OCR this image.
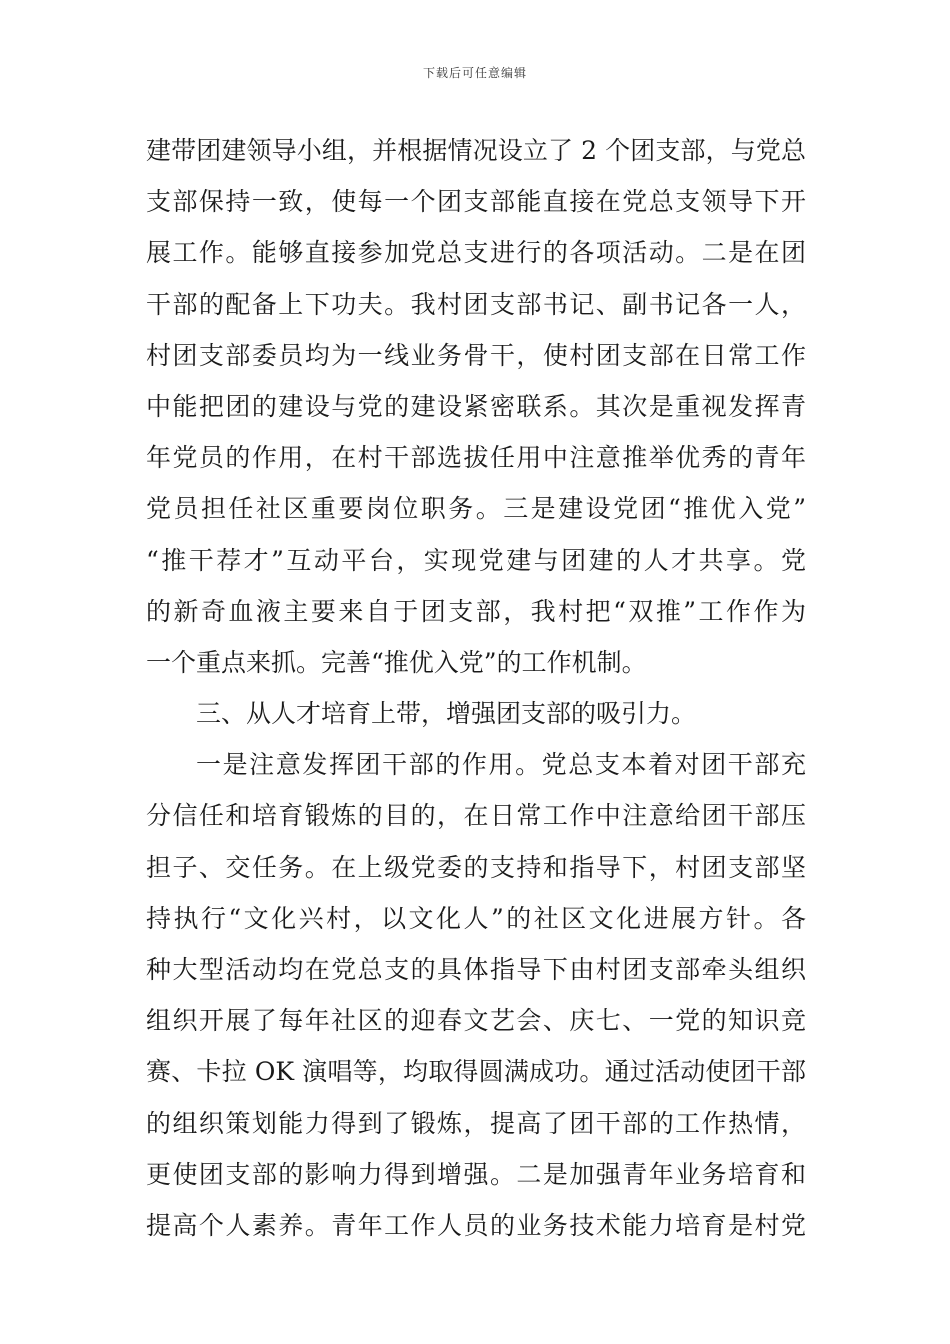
下载后可任意编辑
建带团建领导小组，并根据情况设立了 2 个团支部，与党总
支部保持一致，使每一个团支部能直接在党总支领导下开
展工作。能够直接参加党总支进行的各项活动。二是在团
干部的配备上下功夫。我村团支部书记、副书记各一人，
村团支部委员均为一线业务骨干，使村团支部在日常工作
中能把团的建设与党的建设紧密联系。其次是重视发挥青
年党员的作用，在村干部选拔任用中注意推举优秀的青年
党员担任社区重要岗位职务。三是建设党团“推优入党”
“推干荐才”互动平台，实现党建与团建的人才共享。党
的新奇血液主要来自于团支部，我村把“双推”工作作为
一个重点来抓。完善“推优入党”的工作机制。
三、从人才培育上带，增强团支部的吸引力。
一是注意发挥团干部的作用。党总支本着对团干部充
分信任和培育锻炼的目的，在日常工作中注意给团干部压
担子、交任务。在上级党委的支持和指导下，村团支部坚
持执行“文化兴村，以文化人”的社区文化进展方针。各
种大型活动均在党总支的具体指导下由村团支部牵头组织
组织开展了每年社区的迎春文艺会、庆七、一党的知识竞
赛、卡拉 OK 演唱等，均取得圆满成功。通过活动使团干部
的组织策划能力得到了锻炼，提高了团干部的工作热情，
更使团支部的影响力得到增强。二是加强青年业务培育和
提高个人素养。青年工作人员的业务技术能力培育是村党
